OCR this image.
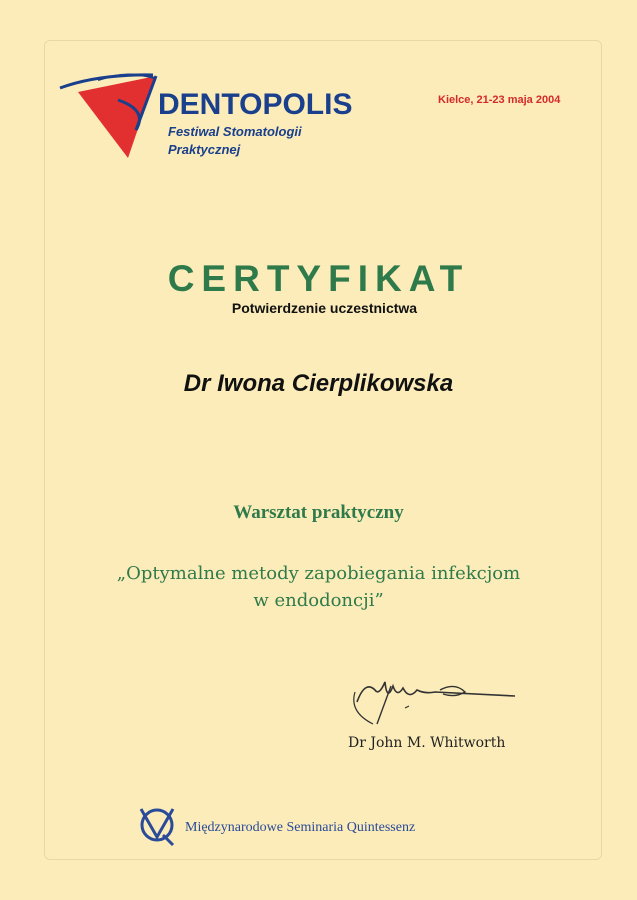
DENTOPOLIS
Festiwal Stomatologii
Praktycznej
Kielce, 21-23 maja 2004
CERTYFIKAT
Potwierdzenie uczestnictwa
Dr Iwona Cierplikowska
Warsztat praktyczny
„Optymalne metody zapobiegania infekcjom
w endodoncji”
Dr John M. Whitworth
Międzynarodowe Seminaria Quintessenz
